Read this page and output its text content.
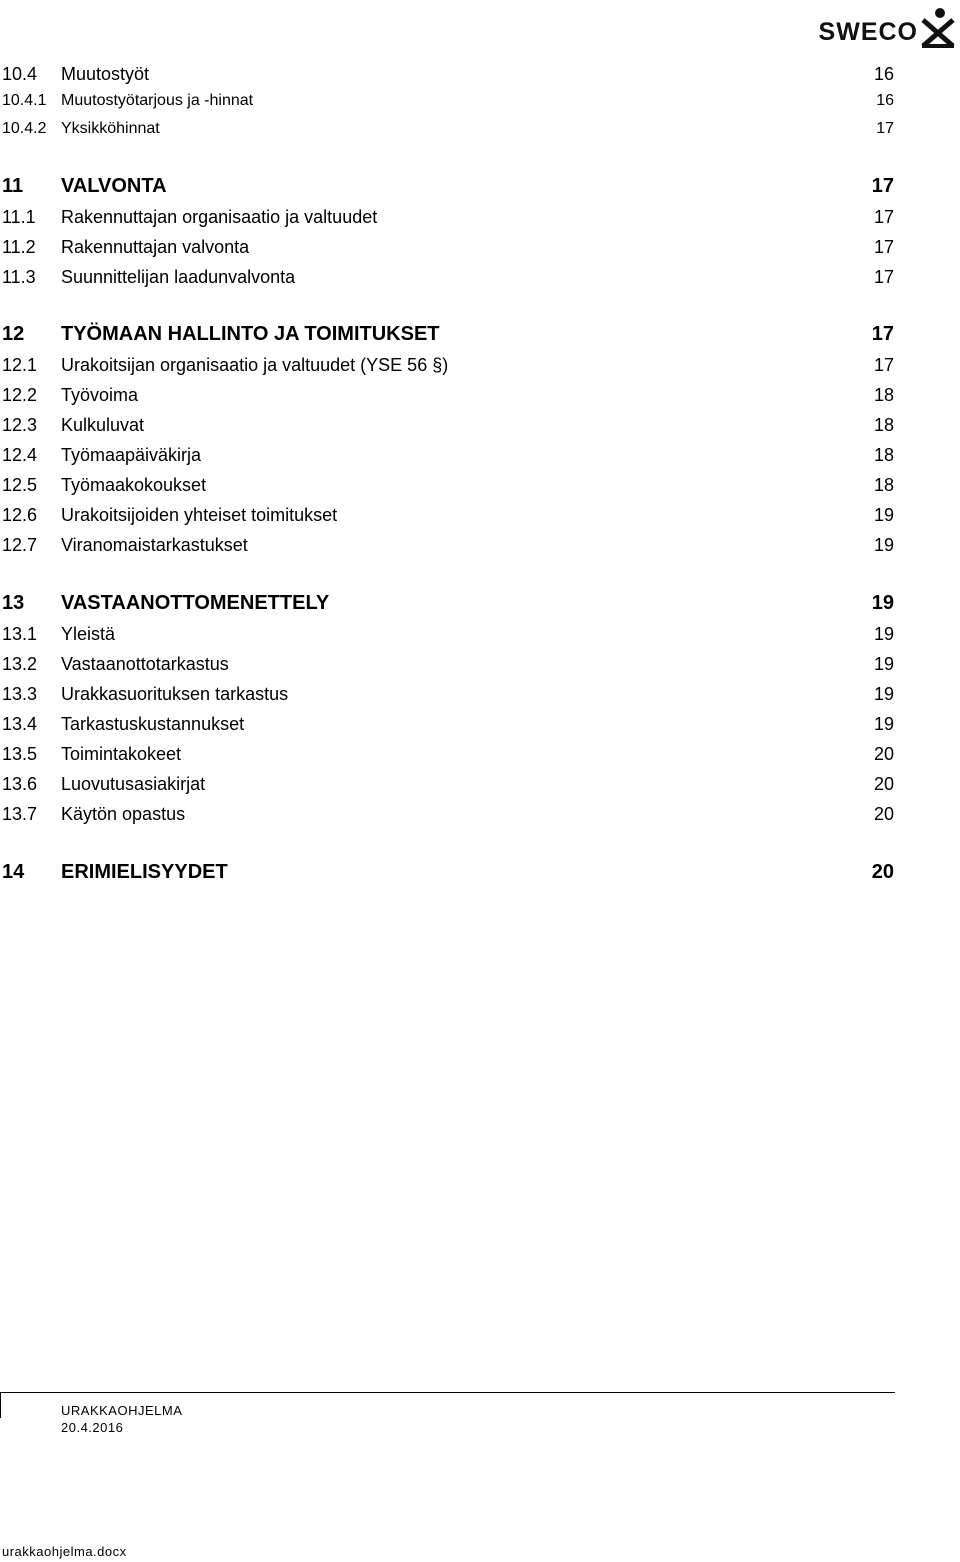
SWECO
10.4 Muutostyöt	16
10.4.1 Muutostyötarjous ja -hinnat	16
10.4.2 Yksikköhinnat	17
11 VALVONTA	17
11.1 Rakennuttajan organisaatio ja valtuudet	17
11.2 Rakennuttajan valvonta	17
11.3 Suunnittelijan laadunvalvonta	17
12 TYÖMAAN HALLINTO JA TOIMITUKSET	17
12.1 Urakoitsijan organisaatio ja valtuudet (YSE 56 §)	17
12.2 Työvoima	18
12.3 Kulkuluvat	18
12.4 Työmaapäiväkirja	18
12.5 Työmaakokoukset	18
12.6 Urakoitsijoiden yhteiset toimitukset	19
12.7 Viranomaistarkastukset	19
13 VASTAANOTTOMENETTELY	19
13.1 Yleistä	19
13.2 Vastaanottotarkastus	19
13.3 Urakkasuorituksen tarkastus	19
13.4 Tarkastuskustannukset	19
13.5 Toimintakokeet	20
13.6 Luovutusasiakirjat	20
13.7 Käytön opastus	20
14 ERIMIELISYYDET	20
URAKKAOHJELMA
20.4.2016
urakkaohjelma.docx
